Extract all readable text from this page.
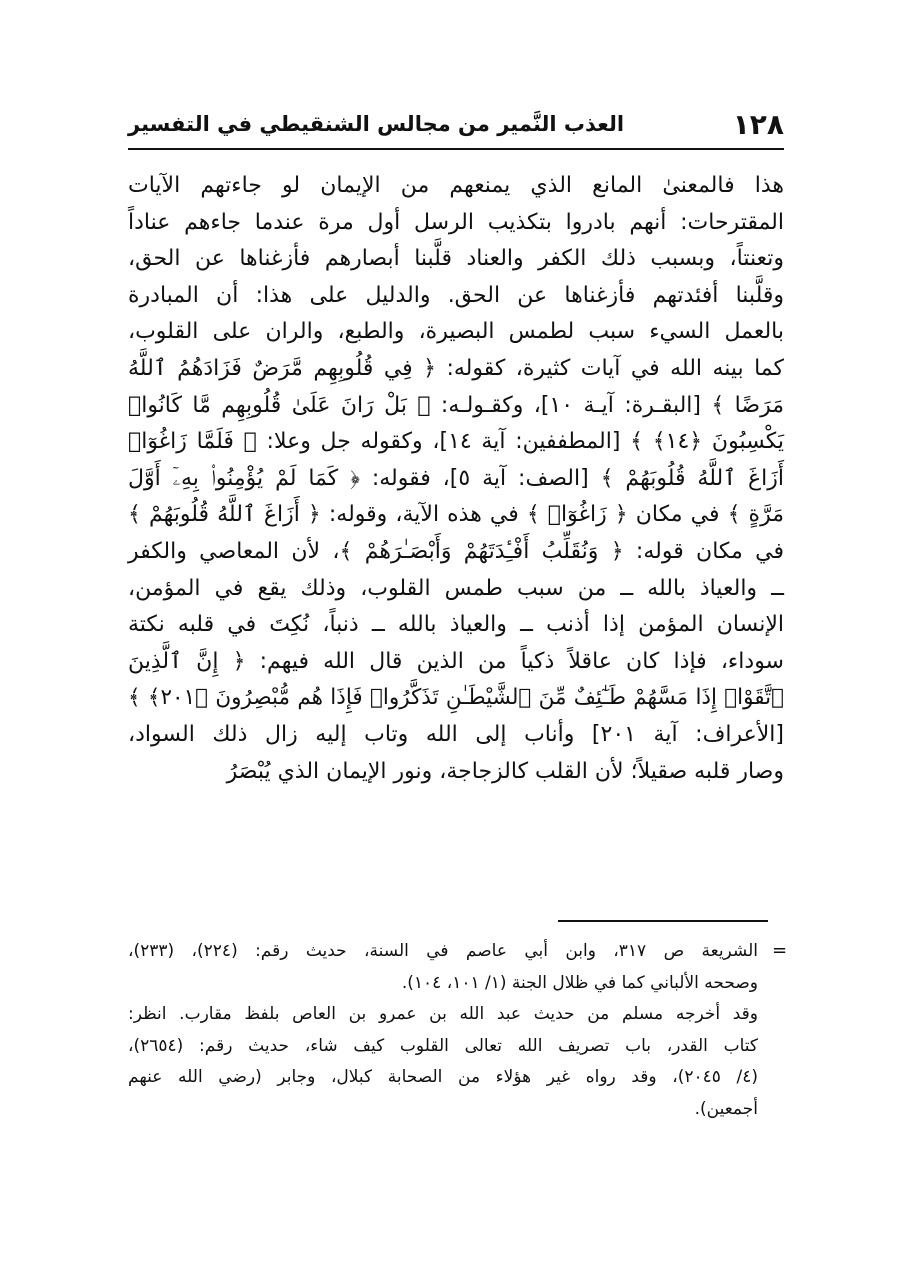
١٢٨
العذب النَّمير من مجالس الشنقيطي في التفسير
هذا فالمعنىٰ المانع الذي يمنعهم من الإيمان لو جاءتهم الآيات
المقترحات: أنهم بادروا بتكذيب الرسل أول مرة عندما جاءهم عناداً
وتعنتاً، وبسبب ذلك الكفر والعناد قلَّبنا أبصارهم فأزغناها عن الحق،
وقلَّبنا أفئدتهم فأزغناها عن الحق. والدليل على هذا: أن المبادرة
بالعمل السيء سبب لطمس البصيرة، والطبع، والران على القلوب،
كما بينه الله في آيات كثيرة، كقوله: ﴿ فِي قُلُوبِهِم مَّرَضٌ فَزَادَهُمُ ٱللَّهُ
مَرَضًا ﴾ [البقـرة: آيـة ١٠]، وكقـولـه: ﴿ بَلْ رَانَ عَلَىٰ قُلُوبِهِم مَّا كَانُوا۟
يَكْسِبُونَ ﴿١٤﴾ ﴾ [المطففين: آية ١٤]، وكقوله جل وعلا: ﴿ فَلَمَّا زَاغُوٓا۟
أَزَاغَ ٱللَّهُ قُلُوبَهُمْ ﴾ [الصف: آية ٥]، فقوله: ﴿ كَمَا لَمْ يُؤْمِنُوا۟ بِهِۦٓ أَوَّلَ
مَرَّةٍ ﴾ في مكان ﴿ زَاغُوٓا۟ ﴾ في هذه الآية، وقوله: ﴿ أَزَاغَ ٱللَّهُ قُلُوبَهُمْ ﴾
في مكان قوله: ﴿ وَنُقَلِّبُ أَفْـِٔدَتَهُمْ وَأَبْصَـٰرَهُمْ ﴾، لأن المعاصي والكفر
ــ والعياذ بالله ــ من سبب طمس القلوب، وذلك يقع في المؤمن،
الإنسان المؤمن إذا أذنب ــ والعياذ بالله ــ ذنباً، نُكِتَ في قلبه نكتة
سوداء، فإذا كان عاقلاً ذكياً من الذين قال الله فيهم: ﴿ إِنَّ ٱلَّذِينَ
ٱتَّقَوْا۟ إِذَا مَسَّهُمْ طَـٰٓئِفٌ مِّنَ ٱلشَّيْطَـٰنِ تَذَكَّرُوا۟ فَإِذَا هُم مُّبْصِرُونَ ﴿٢٠١﴾ ﴾
[الأعراف: آية ٢٠١] وأناب إلى الله وتاب إليه زال ذلك السواد،
وصار قلبه صقيلاً؛ لأن القلب كالزجاجة، ونور الإيمان الذي يُبْصَرُ
=
الشريعة ص ٣١٧، وابن أبي عاصم في السنة، حديث رقم: (٢٢٤)، (٢٣٣)،
وصححه الألباني كما في ظلال الجنة (١/ ١٠١، ١٠٤).
وقد أخرجه مسلم من حديث عبد الله بن عمرو بن العاص بلفظ مقارب. انظر:
كتاب القدر، باب تصريف الله تعالى القلوب كيف شاء، حديث رقم: (٢٦٥٤)،
(٤/ ٢٠٤٥)، وقد رواه غير هؤلاء من الصحابة كبلال، وجابر (رضي الله عنهم
أجمعين).
